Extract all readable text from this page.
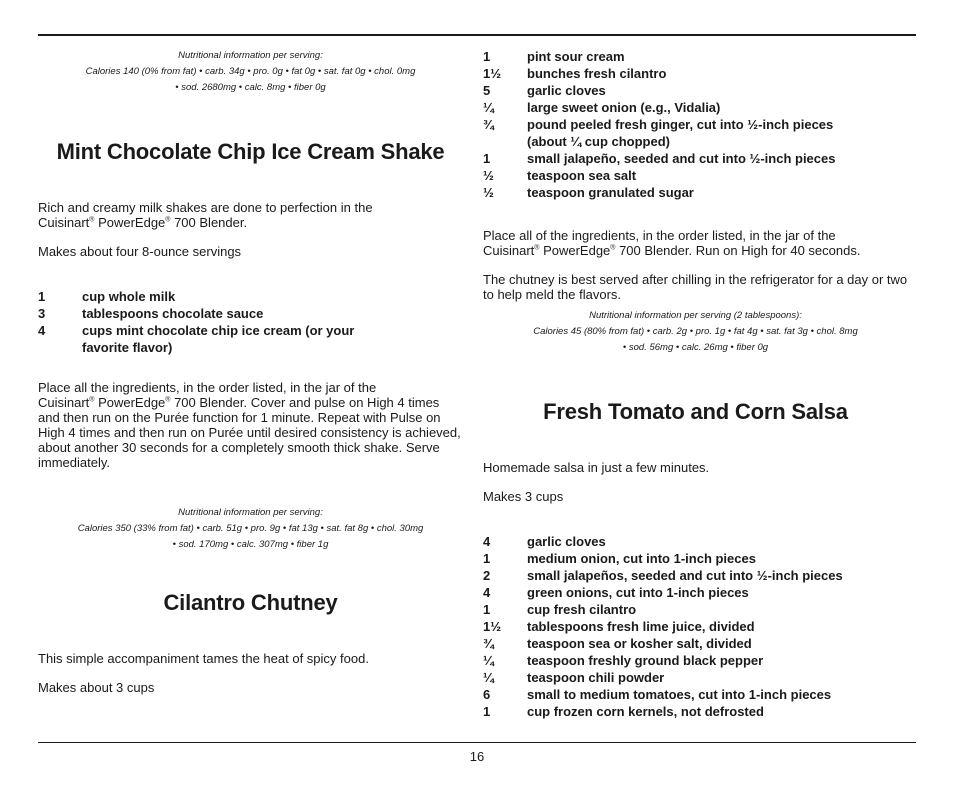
Nutritional information per serving:
Calories 140 (0% from fat) • carb. 34g • pro. 0g • fat 0g • sat. fat 0g • chol. 0mg
• sod. 2680mg • calc. 8mg • fiber 0g
Mint Chocolate Chip Ice Cream Shake

Rich and creamy milk shakes are done to perfection in the
Cuisinart® PowerEdge® 700 Blender.

Makes about four 8-ounce servings

1	cup whole milk
3	tablespoons chocolate sauce
4	cups mint chocolate chip ice cream (or your favorite flavor)

Place all the ingredients, in the order listed, in the jar of the
Cuisinart® PowerEdge® 700 Blender. Cover and pulse on High 4 times and then run on the Purée function for 1 minute. Repeat with Pulse on High 4 times and then run on Purée until desired consistency is achieved, about another 30 seconds for a completely smooth thick shake. Serve immediately.

Nutritional information per serving:
Calories 350 (33% from fat) • carb. 51g • pro. 9g • fat 13g • sat. fat 8g • chol. 30mg
• sod. 170mg • calc. 307mg • fiber 1g
Cilantro Chutney

This simple accompaniment tames the heat of spicy food.

Makes about 3 cups

1	pint sour cream
1½	bunches fresh cilantro
5	garlic cloves
¼	large sweet onion (e.g., Vidalia)
¾	pound peeled fresh ginger, cut into ½-inch pieces (about ¼ cup chopped)
1	small jalapeño, seeded and cut into ½-inch pieces
½	teaspoon sea salt
½	teaspoon granulated sugar

Place all of the ingredients, in the order listed, in the jar of the
Cuisinart® PowerEdge® 700 Blender. Run on High for 40 seconds.

The chutney is best served after chilling in the refrigerator for a day or two to help meld the flavors.

Nutritional information per serving (2 tablespoons):
Calories 45 (80% from fat) • carb. 2g • pro. 1g • fat 4g • sat. fat 3g • chol. 8mg
• sod. 56mg • calc. 26mg • fiber 0g
Fresh Tomato and Corn Salsa

Homemade salsa in just a few minutes.

Makes 3 cups

4	garlic cloves
1	medium onion, cut into 1-inch pieces
2	small jalapeños, seeded and cut into ½-inch pieces
4	green onions, cut into 1-inch pieces
1	cup fresh cilantro
1½	tablespoons fresh lime juice, divided
¾	teaspoon sea or kosher salt, divided
¼	teaspoon freshly ground black pepper
¼	teaspoon chili powder
6	small to medium tomatoes, cut into 1-inch pieces
1	cup frozen corn kernels, not defrosted
16
